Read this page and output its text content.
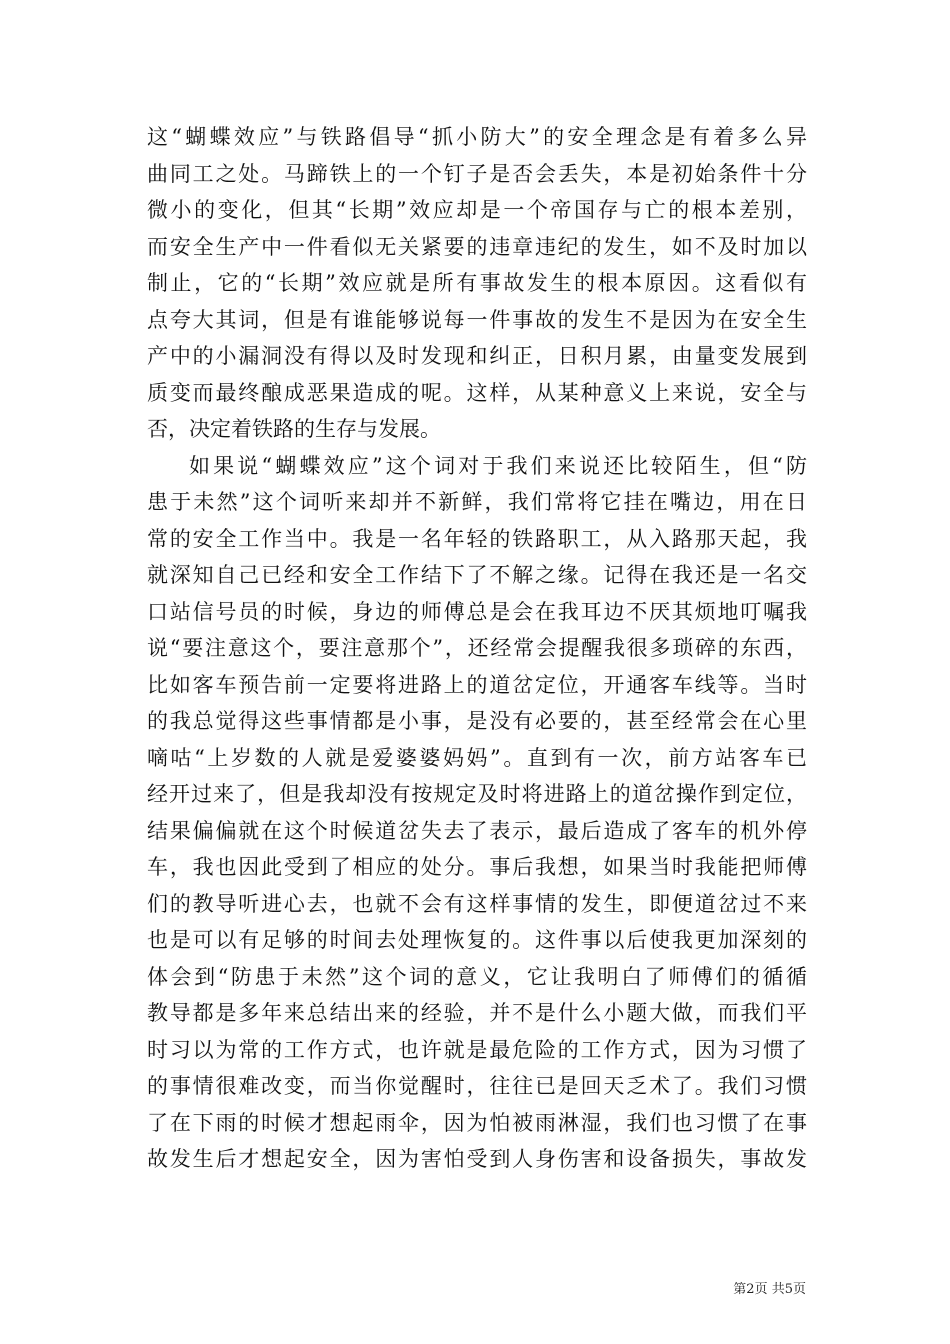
这“蝴蝶效应”与铁路倡导“抓小防大”的安全理念是有着多么异
曲同工之处。马蹄铁上的一个钉子是否会丢失，本是初始条件十分
微小的变化，但其“长期”效应却是一个帝国存与亡的根本差别，
而安全生产中一件看似无关紧要的违章违纪的发生，如不及时加以
制止，它的“长期”效应就是所有事故发生的根本原因。这看似有
点夸大其词，但是有谁能够说每一件事故的发生不是因为在安全生
产中的小漏洞没有得以及时发现和纠正，日积月累，由量变发展到
质变而最终酿成恶果造成的呢。这样，从某种意义上来说，安全与
否，决定着铁路的生存与发展。
如果说“蝴蝶效应”这个词对于我们来说还比较陌生，但“防
患于未然”这个词听来却并不新鲜，我们常将它挂在嘴边，用在日
常的安全工作当中。我是一名年轻的铁路职工，从入路那天起，我
就深知自己已经和安全工作结下了不解之缘。记得在我还是一名交
口站信号员的时候，身边的师傅总是会在我耳边不厌其烦地叮嘱我
说“要注意这个，要注意那个”，还经常会提醒我很多琐碎的东西，
比如客车预告前一定要将进路上的道岔定位，开通客车线等。当时
的我总觉得这些事情都是小事，是没有必要的，甚至经常会在心里
嘀咕“上岁数的人就是爱婆婆妈妈”。直到有一次，前方站客车已
经开过来了，但是我却没有按规定及时将进路上的道岔操作到定位，
结果偏偏就在这个时候道岔失去了表示，最后造成了客车的机外停
车，我也因此受到了相应的处分。事后我想，如果当时我能把师傅
们的教导听进心去，也就不会有这样事情的发生，即便道岔过不来
也是可以有足够的时间去处理恢复的。这件事以后使我更加深刻的
体会到“防患于未然”这个词的意义，它让我明白了师傅们的循循
教导都是多年来总结出来的经验，并不是什么小题大做，而我们平
时习以为常的工作方式，也许就是最危险的工作方式，因为习惯了
的事情很难改变，而当你觉醒时，往往已是回天乏术了。我们习惯
了在下雨的时候才想起雨伞，因为怕被雨淋湿，我们也习惯了在事
故发生后才想起安全，因为害怕受到人身伤害和设备损失，事故发
第2页 共5页
